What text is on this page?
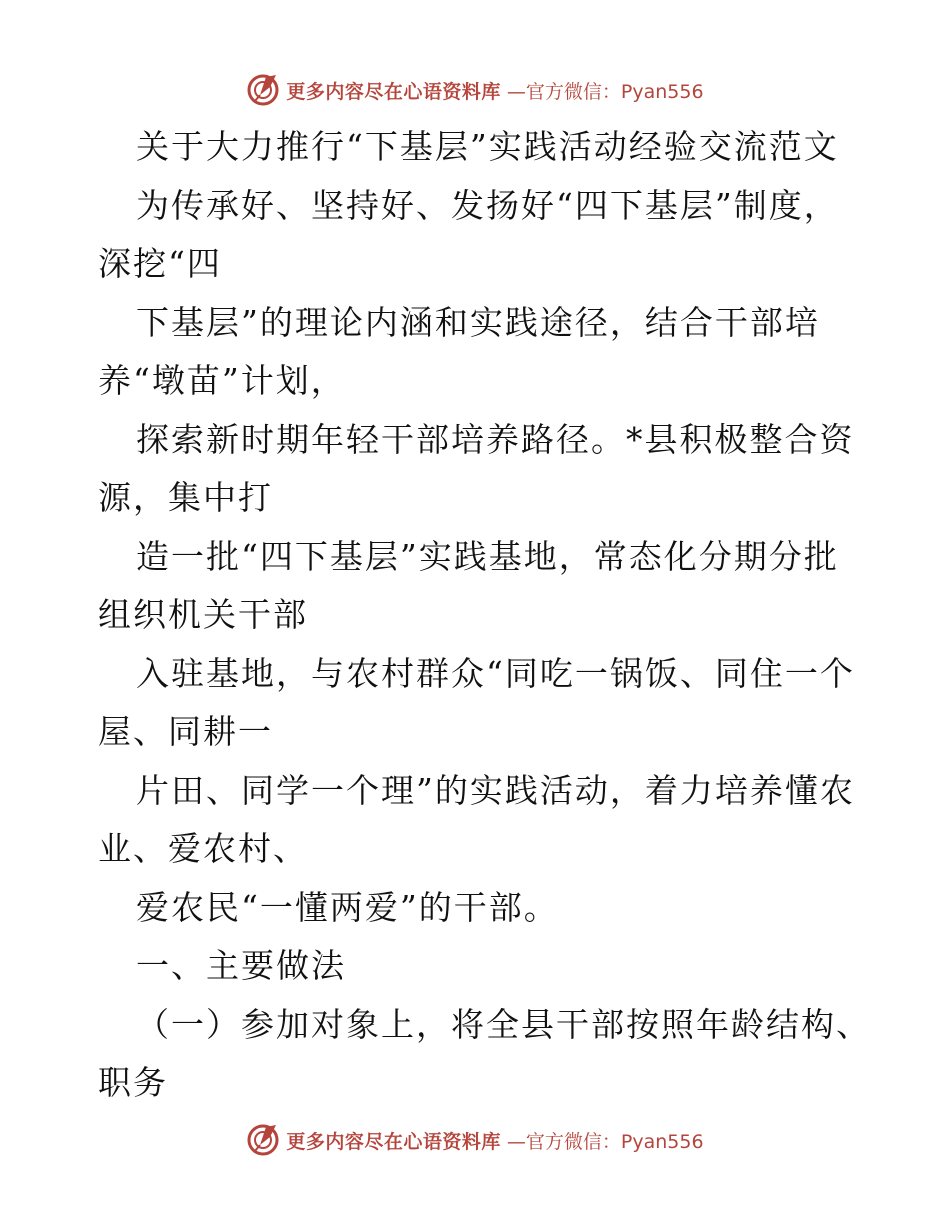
更多内容尽在心语资料库 —官方微信：Pyan556
关于大力推行“下基层”实践活动经验交流范文
为传承好、坚持好、发扬好“四下基层”制度，
深挖“四
下基层”的理论内涵和实践途径，结合干部培
养“墩苗”计划，
探索新时期年轻干部培养路径。*县积极整合资
源，集中打
造一批“四下基层”实践基地，常态化分期分批
组织机关干部
入驻基地，与农村群众“同吃一锅饭、同住一个
屋、同耕一
片田、同学一个理”的实践活动，着力培养懂农
业、爱农村、
爱农民“一懂两爱”的干部。
一、主要做法
（一）参加对象上，将全县干部按照年龄结构、
职务
更多内容尽在心语资料库 —官方微信：Pyan556
